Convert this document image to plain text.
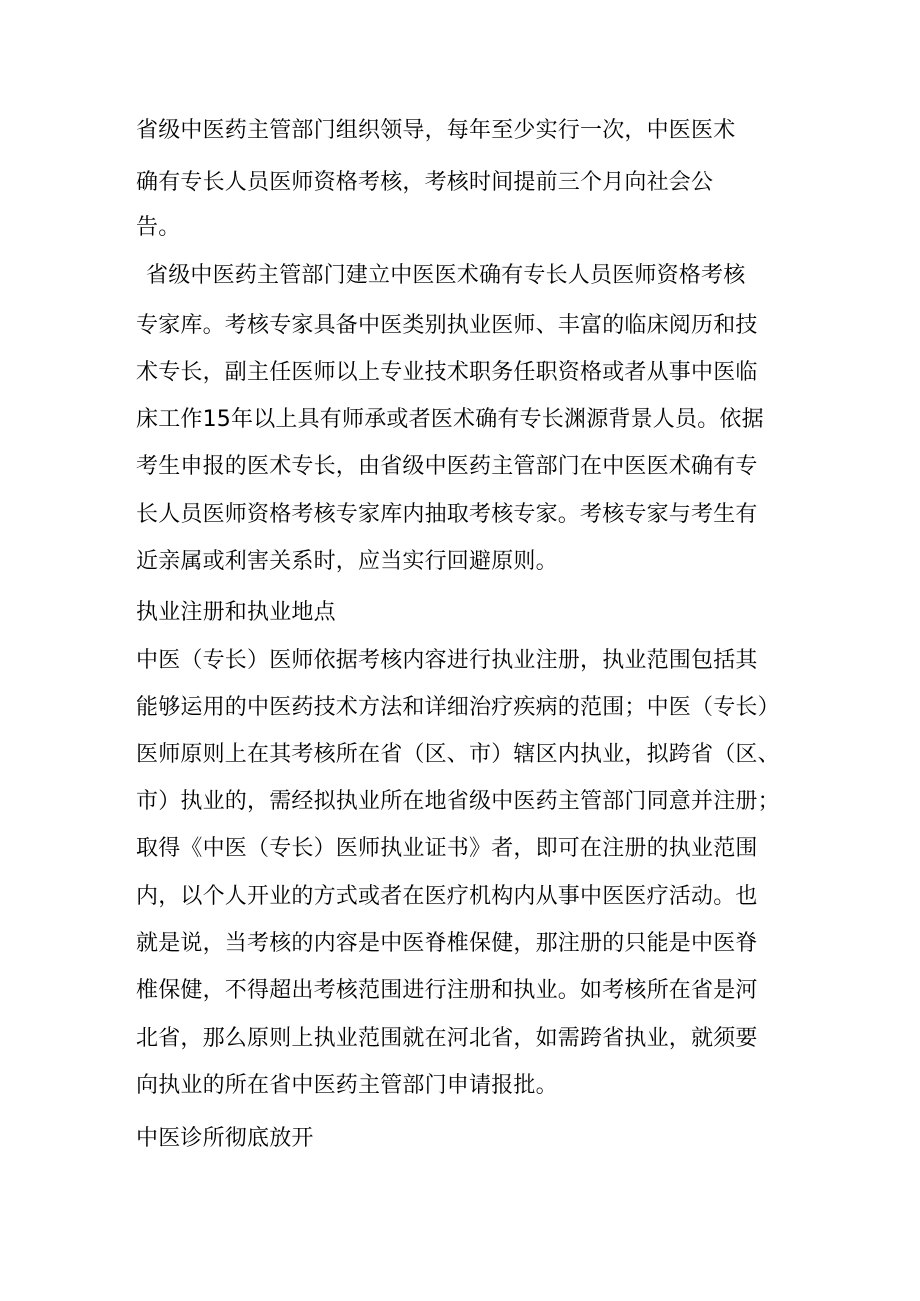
省级中医药主管部门组织领导，每年至少实行一次，中医医术
确有专长人员医师资格考核，考核时间提前三个月向社会公
告。
省级中医药主管部门建立中医医术确有专长人员医师资格考核
专家库。考核专家具备中医类别执业医师、丰富的临床阅历和技
术专长，副主任医师以上专业技术职务任职资格或者从事中医临
床工作15年以上具有师承或者医术确有专长渊源背景人员。依据
考生申报的医术专长，由省级中医药主管部门在中医医术确有专
长人员医师资格考核专家库内抽取考核专家。考核专家与考生有
近亲属或利害关系时，应当实行回避原则。
执业注册和执业地点
中医（专长）医师依据考核内容进行执业注册，执业范围包括其
能够运用的中医药技术方法和详细治疗疾病的范围；中医（专长）
医师原则上在其考核所在省（区、市）辖区内执业，拟跨省（区、
市）执业的，需经拟执业所在地省级中医药主管部门同意并注册；
取得《中医（专长）医师执业证书》者，即可在注册的执业范围
内，以个人开业的方式或者在医疗机构内从事中医医疗活动。也
就是说，当考核的内容是中医脊椎保健，那注册的只能是中医脊
椎保健，不得超出考核范围进行注册和执业。如考核所在省是河
北省，那么原则上执业范围就在河北省，如需跨省执业，就须要
向执业的所在省中医药主管部门申请报批。
中医诊所彻底放开
